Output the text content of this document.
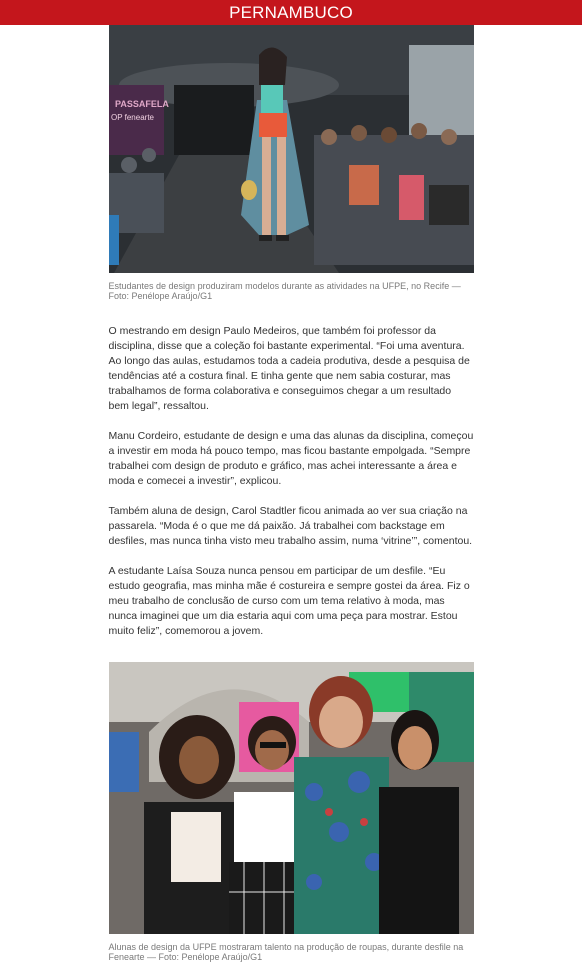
PERNAMBUCO
PASSAFELA
OP fenearte
Estudantes de design produziram modelos durante as atividades na UFPE, no Recife — Foto: Penélope Araújo/G1

O mestrando em design Paulo Medeiros, que também foi professor da disciplina, disse que a coleção foi bastante experimental. “Foi uma aventura. Ao longo das aulas, estudamos toda a cadeia produtiva, desde a pesquisa de tendências até a costura final. E tinha gente que nem sabia costurar, mas trabalhamos de forma colaborativa e conseguimos chegar a um resultado bem legal”, ressaltou.

Manu Cordeiro, estudante de design e uma das alunas da disciplina, começou a investir em moda há pouco tempo, mas ficou bastante empolgada. “Sempre trabalhei com design de produto e gráfico, mas achei interessante a área e moda e comecei a investir”, explicou.

Também aluna de design, Carol Stadtler ficou animada ao ver sua criação na passarela. “Moda é o que me dá paixão. Já trabalhei com backstage em desfiles, mas nunca tinha visto meu trabalho assim, numa ‘vitrine’”, comentou.

A estudante Laísa Souza nunca pensou em participar de um desfile. “Eu estudo geografia, mas minha mãe é costureira e sempre gostei da área. Fiz o meu trabalho de conclusão de curso com um tema relativo à moda, mas nunca imaginei que um dia estaria aqui com uma peça para mostrar. Estou muito feliz”, comemorou a jovem.

Alunas de design da UFPE mostraram talento na produção de roupas, durante desfile na Fenearte — Foto: Penélope Araújo/G1
